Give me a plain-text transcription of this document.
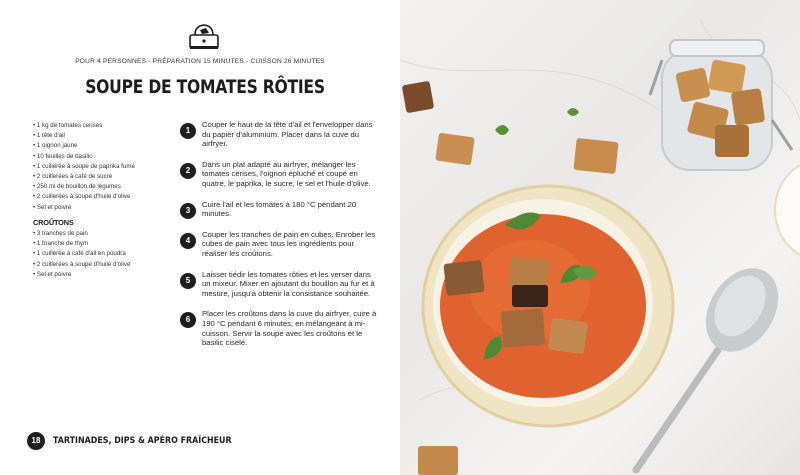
POUR 4 PERSONNES - PRÉPARATION 15 MINUTES - CUISSON 26 MINUTES
SOUPE DE TOMATES RÔTIES
• 1 kg de tomates cerises
• 1 tête d'ail
• 1 oignon jaune
• 10 feuilles de basilic
• 1 cuillerée à soupe de paprika fumé
• 2 cuillerées à café de sucre
• 250 ml de bouillon de légumes
• 2 cuillerées à soupe d'huile d'olive
• Sel et poivre
CROÛTONS
• 3 tranches de pain
• 1 branche de thym
• 1 cuillerée à café d'ail en poudra
• 2 cuillerées à soupe d'huile d'olive
• Sel et poivre
1
Couper le haut de la tête d'ail et l'envelopper dans du papier d'aluminium. Placer dans la cuve du airfryer.
2
Dans un plat adapté au airfryer, mélanger les tomates cerises, l'oignon épluché et coupé en quatre, le paprika, le sucre, le sel et l'huile d'olive.
3
Cuire l'ail et les tomates à 180 °C pendant 20 minutes.
4
Couper les tranches de pain en cubes. Enrober les cubes de pain avec tous les ingrédients pour réaliser les croûtons.
5
Laisser tiédir les tomates rôties et les verser dans un mixeur. Mixer en ajoutant du bouillon au fur et à mesure, jusqu'à obtenir la consistance souhaitée.
6
Placer les croûtons dans la cuve du airfryer, cuire à 190 °C pendant 6 minutes, en mélangeant à mi-cuisson. Servir la soupe avec les croûtons et le basilic ciselé.
18	TARTINADES, DIPS & APÉRO FRAÎCHEUR
